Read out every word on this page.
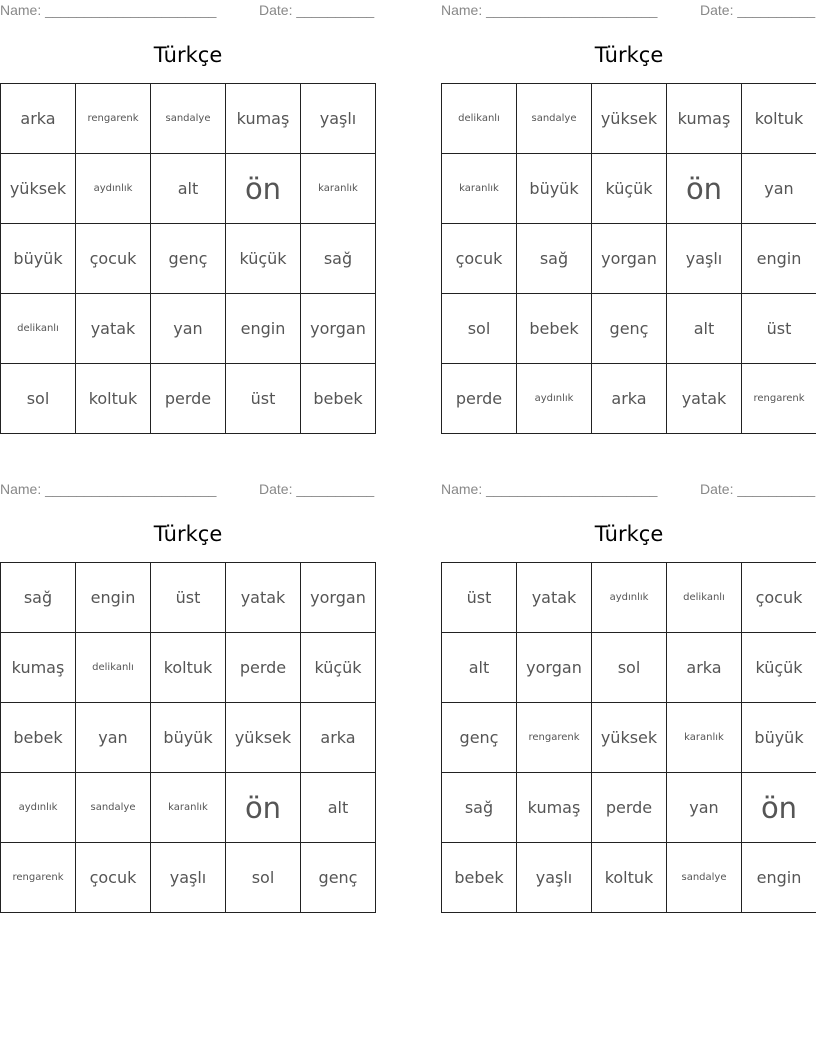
Name: ______________________	Date: __________
Türkçe
arka	rengarenk	sandalye	kumaş	yaşlı
yüksek	aydınlık	alt	ön	karanlık
büyük	çocuk	genç	küçük	sağ
delikanlı	yatak	yan	engin	yorgan
sol	koltuk	perde	üst	bebek
Name: ______________________	Date: __________
Türkçe
delikanlı	sandalye	yüksek	kumaş	koltuk
karanlık	büyük	küçük	ön	yan
çocuk	sağ	yorgan	yaşlı	engin
sol	bebek	genç	alt	üst
perde	aydınlık	arka	yatak	rengarenk
Name: ______________________	Date: __________
Türkçe
sağ	engin	üst	yatak	yorgan
kumaş	delikanlı	koltuk	perde	küçük
bebek	yan	büyük	yüksek	arka
aydınlık	sandalye	karanlık	ön	alt
rengarenk	çocuk	yaşlı	sol	genç
Name: ______________________	Date: __________
Türkçe
üst	yatak	aydınlık	delikanlı	çocuk
alt	yorgan	sol	arka	küçük
genç	rengarenk	yüksek	karanlık	büyük
sağ	kumaş	perde	yan	ön
bebek	yaşlı	koltuk	sandalye	engin
